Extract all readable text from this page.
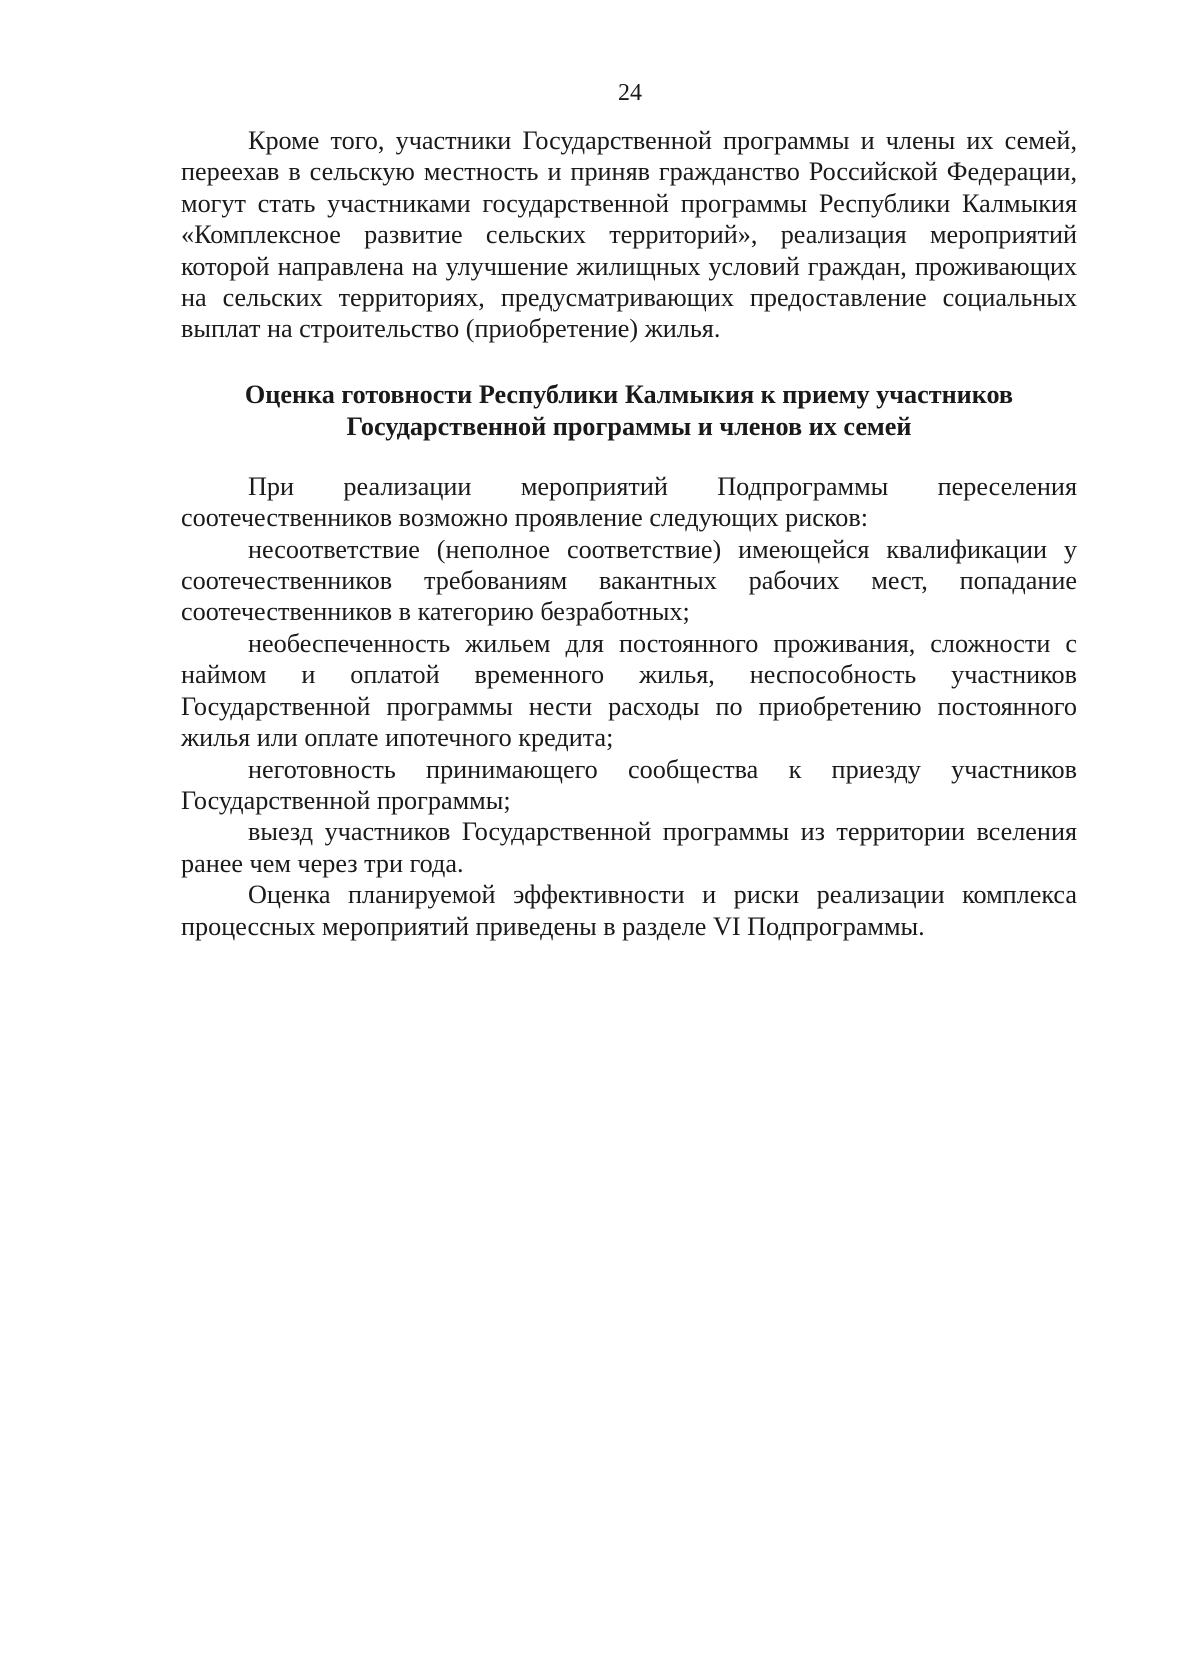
24

Кроме того, участники Государственной программы и члены их семей, переехав в сельскую местность и приняв гражданство Российской Федерации, могут стать участниками государственной программы Республики Калмыкия «Комплексное развитие сельских территорий», реализация мероприятий которой направлена на улучшение жилищных условий граждан, проживающих на сельских территориях, предусматривающих предоставление социальных выплат на строительство (приобретение) жилья.

Оценка готовности Республики Калмыкия к приему участников
Государственной программы и членов их семей

При реализации мероприятий Подпрограммы переселения соотечественников возможно проявление следующих рисков:

несоответствие (неполное соответствие) имеющейся квалификации у соотечественников требованиям вакантных рабочих мест, попадание соотечественников в категорию безработных;

необеспеченность жильем для постоянного проживания, сложности с наймом и оплатой временного жилья, неспособность участников Государственной программы нести расходы по приобретению постоянного жилья или оплате ипотечного кредита;

неготовность принимающего сообщества к приезду участников Государственной программы;

выезд участников Государственной программы из территории вселения ранее чем через три года.

Оценка планируемой эффективности и риски реализации комплекса процессных мероприятий приведены в разделе VI Подпрограммы.
